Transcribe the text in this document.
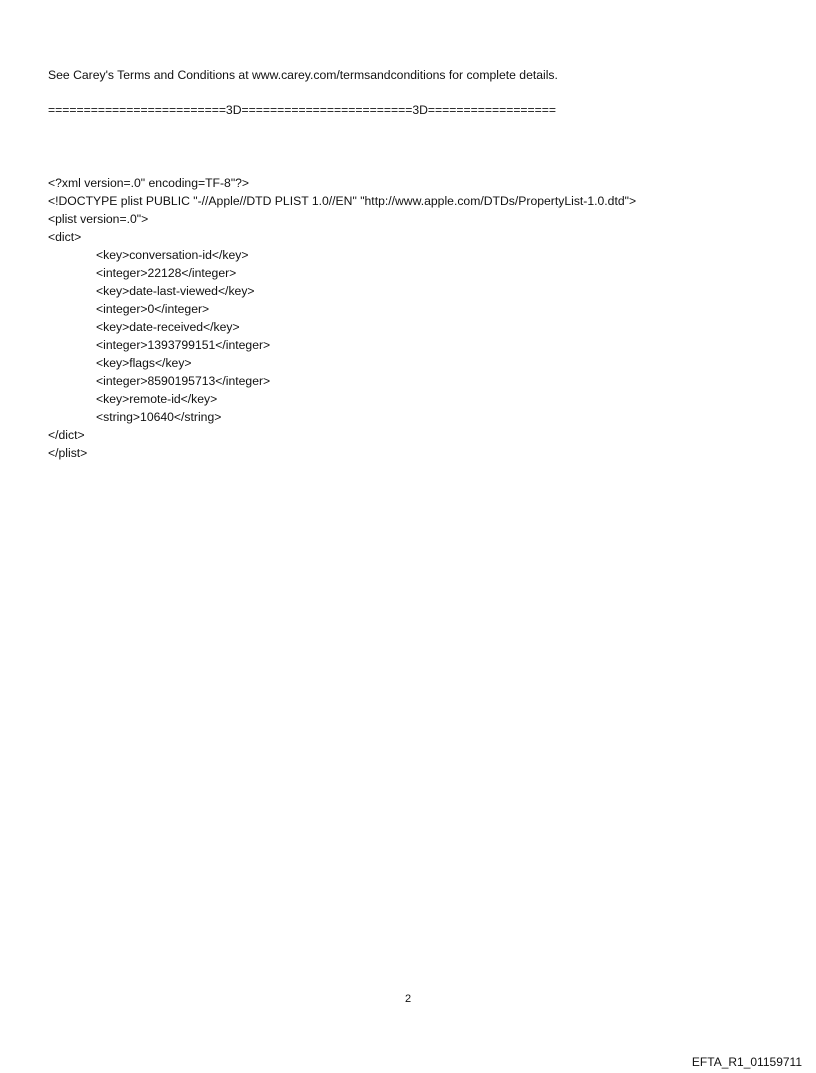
See Carey's Terms and Conditions at www.carey.com/termsandconditions for complete details.
=========================3D========================3D==================
<?xml version=.0" encoding=TF-8"?>
<!DOCTYPE plist PUBLIC "-//Apple//DTD PLIST 1.0//EN" "http://www.apple.com/DTDs/PropertyList-1.0.dtd">
<plist version=.0">
<dict>
<key>conversation-id</key>
<integer>22128</integer>
<key>date-last-viewed</key>
<integer>0</integer>
<key>date-received</key>
<integer>1393799151</integer>
<key>flags</key>
<integer>8590195713</integer>
<key>remote-id</key>
<string>10640</string>
</dict>
</plist>
2
EFTA_R1_01159711
